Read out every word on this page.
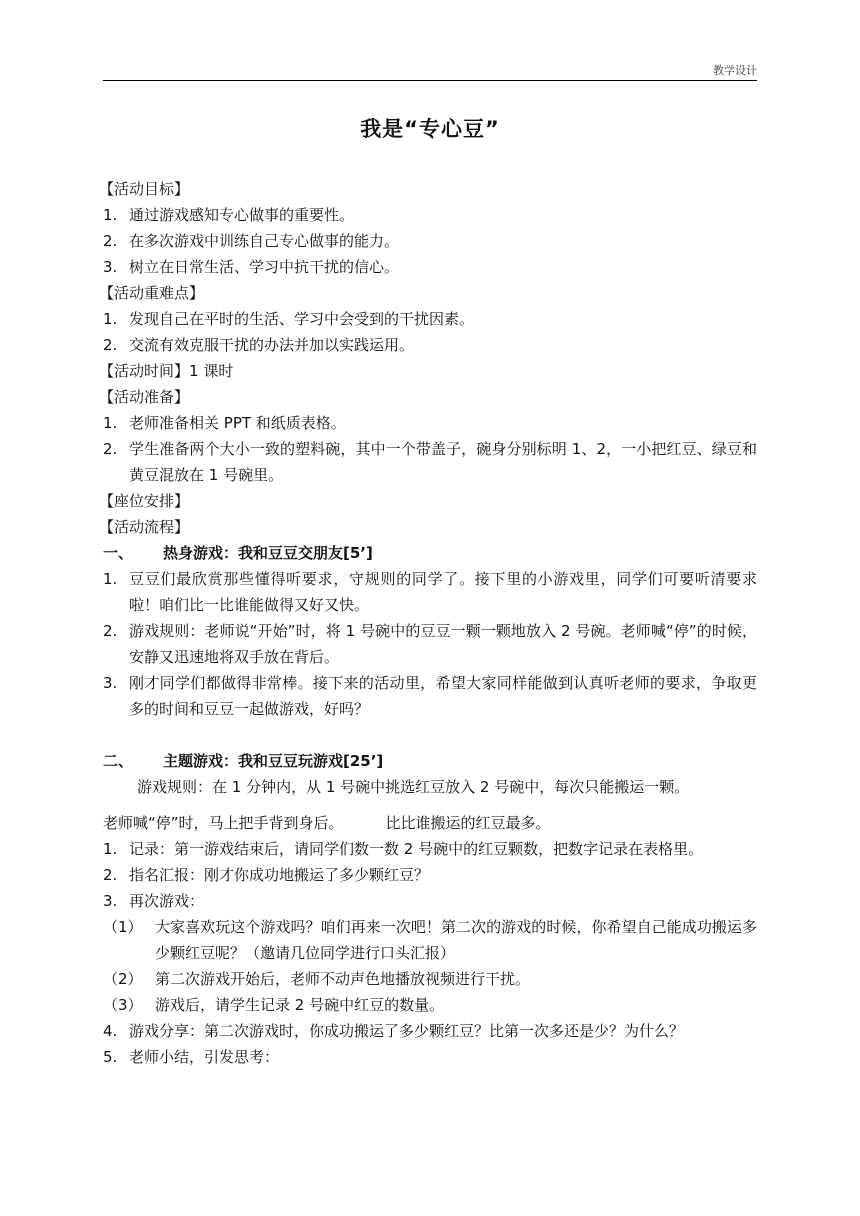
教学设计
我是“专心豆”
【活动目标】
1. 通过游戏感知专心做事的重要性。
2. 在多次游戏中训练自己专心做事的能力。
3. 树立在日常生活、学习中抗干扰的信心。
【活动重难点】
1. 发现自己在平时的生活、学习中会受到的干扰因素。
2. 交流有效克服干扰的办法并加以实践运用。
【活动时间】1 课时
【活动准备】
1. 老师准备相关 PPT 和纸质表格。
2. 学生准备两个大小一致的塑料碗，其中一个带盖子，碗身分别标明 1、2，一小把红豆、绿豆和黄豆混放在 1 号碗里。
【座位安排】
【活动流程】
一、 热身游戏：我和豆豆交朋友[5’]
1. 豆豆们最欣赏那些懂得听要求，守规则的同学了。接下里的小游戏里，同学们可要听清要求啦！咱们比一比谁能做得又好又快。
2. 游戏规则：老师说“开始”时，将 1 号碗中的豆豆一颗一颗地放入 2 号碗。老师喊“停”的时候，安静又迅速地将双手放在背后。
3. 刚才同学们都做得非常棒。接下来的活动里，希望大家同样能做到认真听老师的要求，争取更多的时间和豆豆一起做游戏，好吗？
二、 主题游戏：我和豆豆玩游戏[25’]
游戏规则：在 1 分钟内，从 1 号碗中挑选红豆放入 2 号碗中，每次只能搬运一颗。
老师喊“停”时，马上把手背到身后。	比比谁搬运的红豆最多。
1. 记录：第一游戏结束后，请同学们数一数 2 号碗中的红豆颗数，把数字记录在表格里。
2. 指名汇报：刚才你成功地搬运了多少颗红豆？
3. 再次游戏：
（1） 大家喜欢玩这个游戏吗？咱们再来一次吧！第二次的游戏的时候，你希望自己能成功搬运多少颗红豆呢？（邀请几位同学进行口头汇报）
（2） 第二次游戏开始后，老师不动声色地播放视频进行干扰。
（3） 游戏后，请学生记录 2 号碗中红豆的数量。
4. 游戏分享：第二次游戏时，你成功搬运了多少颗红豆？比第一次多还是少？为什么？
5. 老师小结，引发思考：
